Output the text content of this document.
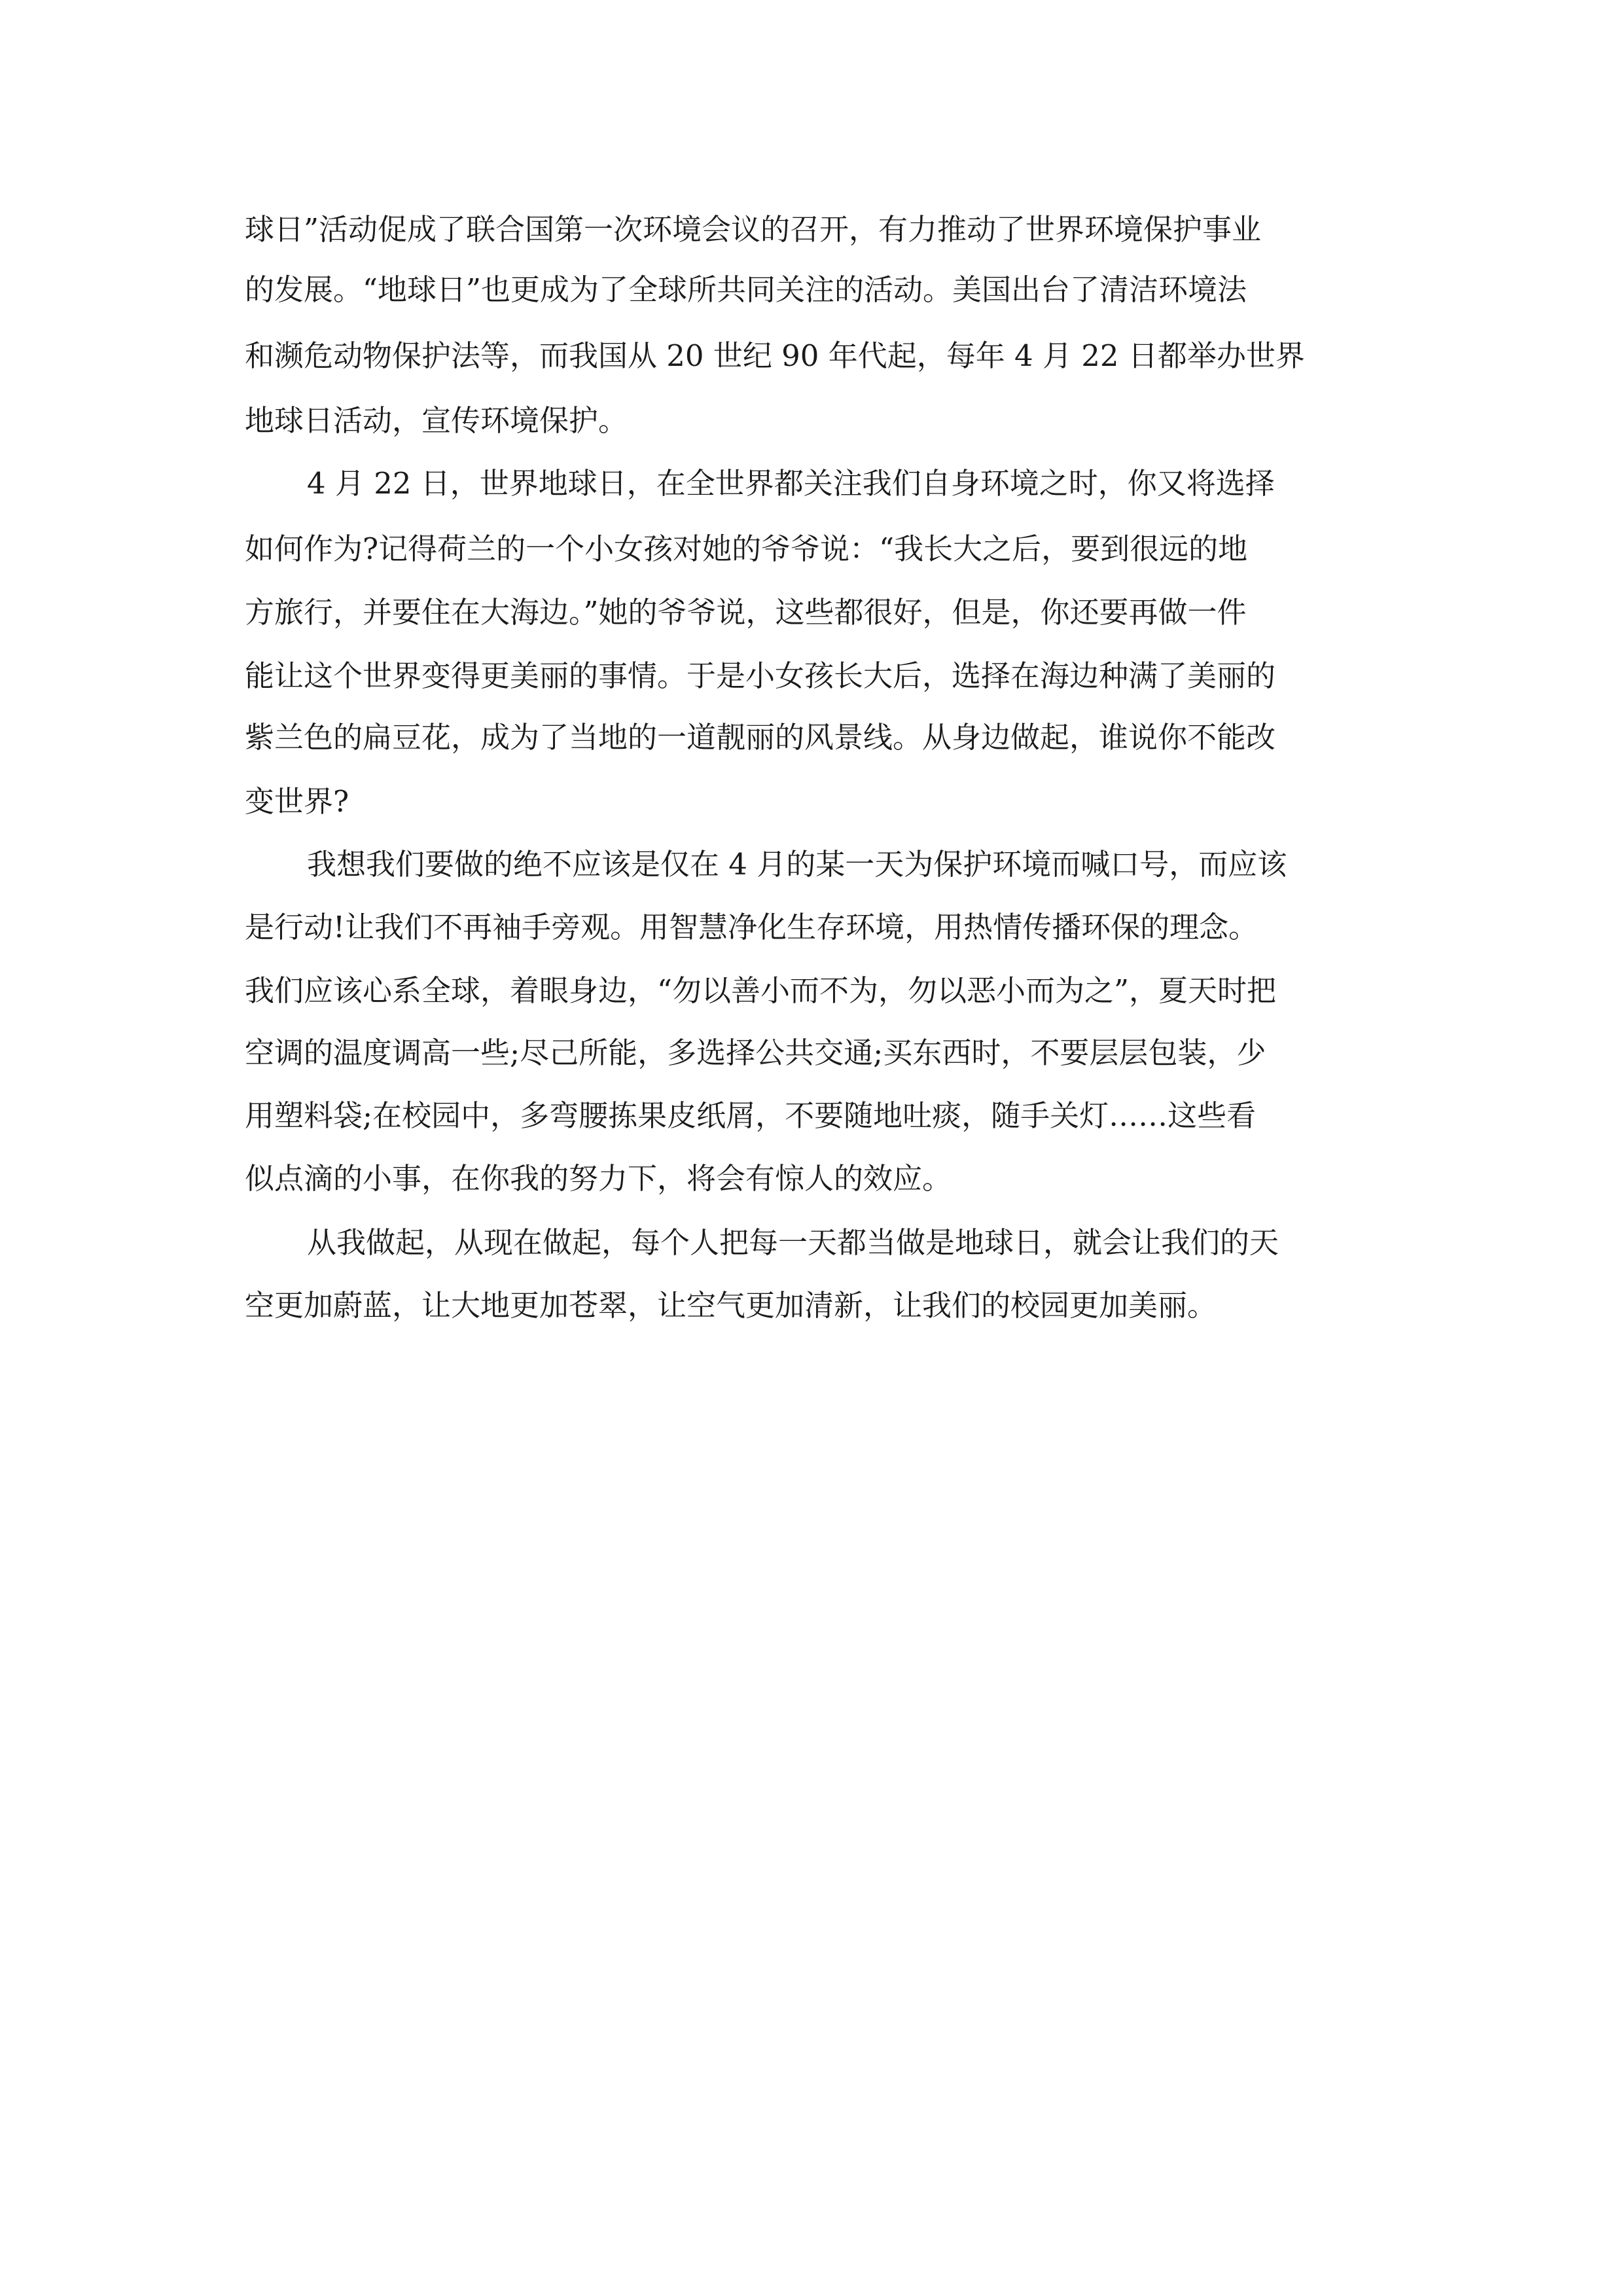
球日”活动促成了联合国第一次环境会议的召开，有力推动了世界环境保护事业
的发展。“地球日”也更成为了全球所共同关注的活动。美国出台了清洁环境法
和濒危动物保护法等，而我国从 20 世纪 90 年代起，每年 4 月 22 日都举办世界
地球日活动，宣传环境保护。
4 月 22 日，世界地球日，在全世界都关注我们自身环境之时，你又将选择
如何作为?记得荷兰的一个小女孩对她的爷爷说：“我长大之后，要到很远的地
方旅行，并要住在大海边。”她的爷爷说，这些都很好，但是，你还要再做一件
能让这个世界变得更美丽的事情。于是小女孩长大后，选择在海边种满了美丽的
紫兰色的扁豆花，成为了当地的一道靓丽的风景线。从身边做起，谁说你不能改
变世界?
我想我们要做的绝不应该是仅在 4 月的某一天为保护环境而喊口号，而应该
是行动!让我们不再袖手旁观。用智慧净化生存环境，用热情传播环保的理念。
我们应该心系全球，着眼身边，“勿以善小而不为，勿以恶小而为之”，夏天时把
空调的温度调高一些;尽己所能，多选择公共交通;买东西时，不要层层包装，少
用塑料袋;在校园中，多弯腰拣果皮纸屑，不要随地吐痰，随手关灯……这些看
似点滴的小事，在你我的努力下，将会有惊人的效应。
从我做起，从现在做起，每个人把每一天都当做是地球日，就会让我们的天
空更加蔚蓝，让大地更加苍翠，让空气更加清新，让我们的校园更加美丽。
